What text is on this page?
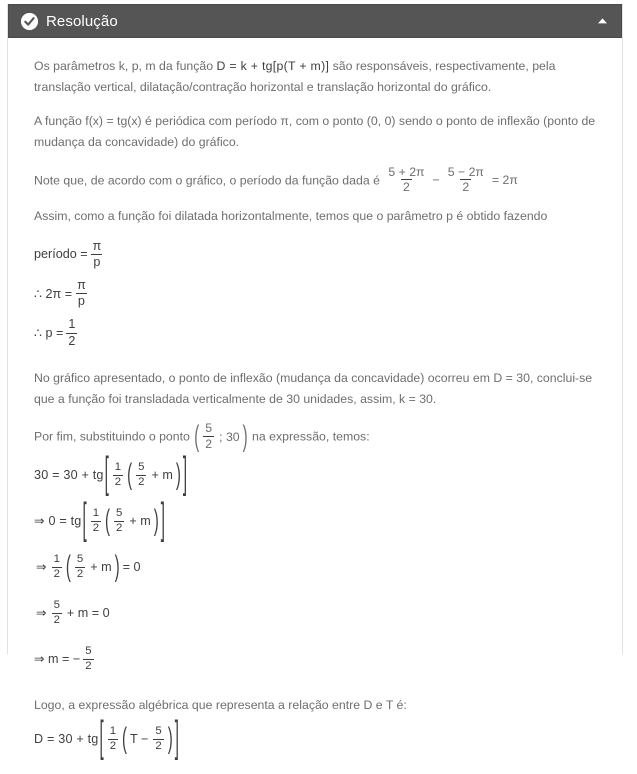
Resolução

Os parâmetros k, p, m da função D = k + tg[p(T + m)] são responsáveis, respectivamente, pela translação vertical, dilatação/contração horizontal e translação horizontal do gráfico.

A função f(x) = tg(x) é periódica com período π, com o ponto (0, 0) sendo o ponto de inflexão (ponto de mudança da concavidade) do gráfico.

Note que, de acordo com o gráfico, o período da função dada é $\frac{5 + 2\pi}{2} - \frac{5 - 2\pi}{2} = 2\pi$

Assim, como a função foi dilatada horizontalmente, temos que o parâmetro p é obtido fazendo

período = $\frac{\pi}{p}$
∴ $2\pi = \frac{\pi}{p}$
∴ $p = \frac{1}{2}$

No gráfico apresentado, o ponto de inflexão (mudança da concavidade) ocorreu em D = 30, conclui-se que a função foi transladada verticalmente de 30 unidades, assim, k = 30.

Por fim, substituindo o ponto ( $\frac{5}{2}$ ; 30 ) na expressão, temos:

30 = 30 + tg [ $\frac{1}{2}$ ( $\frac{5}{2} + m$ ) ]
⇒ 0 = tg [ $\frac{1}{2}$ ( $\frac{5}{2} + m$ ) ]
⇒ $\frac{1}{2}$ ( $\frac{5}{2} + m$ ) = 0
⇒ $\frac{5}{2} + m = 0$
⇒ m = − $\frac{5}{2}$

Logo, a expressão algébrica que representa a relação entre D e T é:

D = 30 + tg [ $\frac{1}{2}$ ( $T - \frac{5}{2}$ ) ]
